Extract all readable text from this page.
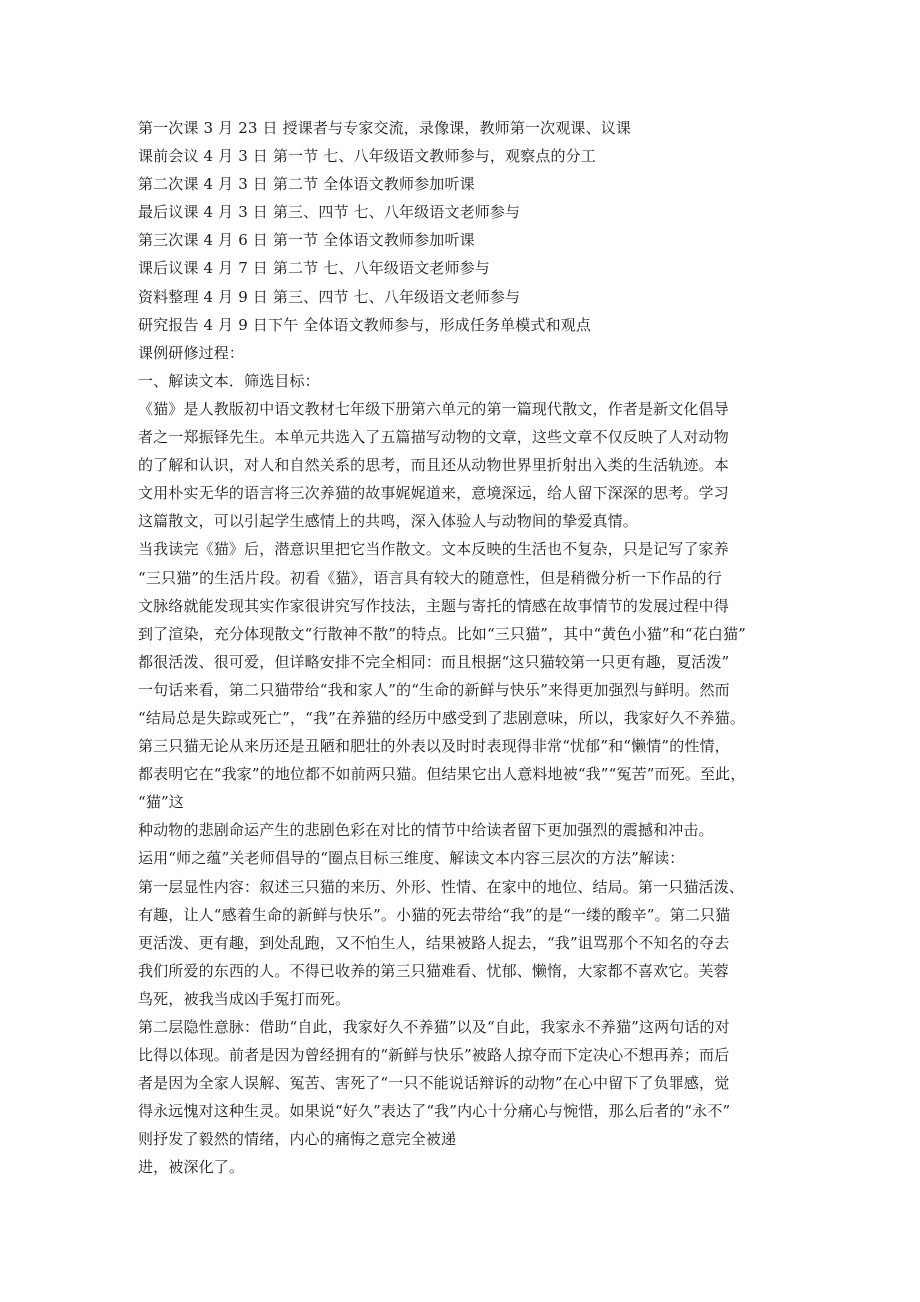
第一次课 3 月 23 日 授课者与专家交流，录像课，教师第一次观课、议课
课前会议 4 月 3 日 第一节 七、八年级语文教师参与，观察点的分工
第二次课 4 月 3 日 第二节 全体语文教师参加听课
最后议课 4 月 3 日 第三、四节 七、八年级语文老师参与
第三次课 4 月 6 日 第一节 全体语文教师参加听课
课后议课 4 月 7 日 第二节 七、八年级语文老师参与
资料整理 4 月 9 日 第三、四节 七、八年级语文老师参与
研究报告 4 月 9 日下午 全体语文教师参与，形成任务单模式和观点
课例研修过程：
一、解读文本．筛选目标：
《猫》是人教版初中语文教材七年级下册第六单元的第一篇现代散文，作者是新文化倡导
者之一郑振铎先生。本单元共选入了五篇描写动物的文章，这些文章不仅反映了人对动物
的了解和认识，对人和自然关系的思考，而且还从动物世界里折射出入类的生活轨迹。本
文用朴实无华的语言将三次养猫的故事娓娓道来，意境深远，给人留下深深的思考。学习
这篇散文，可以引起学生感情上的共鸣，深入体验人与动物间的挚爱真情。
当我读完《猫》后，潜意识里把它当作散文。文本反映的生活也不复杂，只是记写了家养
“三只猫”的生活片段。初看《猫》，语言具有较大的随意性，但是稍微分析一下作品的行
文脉络就能发现其实作家很讲究写作技法，主题与寄托的情感在故事情节的发展过程中得
到了渲染，充分体现散文“行散神不散”的特点。比如“三只猫”，其中“黄色小猫”和“花白猫”
都很活泼、很可爱，但详略安排不完全相同：而且根据“这只猫较第一只更有趣，夏活泼”
一句话来看，第二只猫带给“我和家人”的“生命的新鲜与快乐”来得更加强烈与鲜明。然而
“结局总是失踪或死亡”，“我”在养猫的经历中感受到了悲剧意味，所以，我家好久不养猫。
第三只猫无论从来历还是丑陋和肥壮的外表以及时时表现得非常“忧郁”和“懒情”的性情，
都表明它在“我家”的地位都不如前两只猫。但结果它出人意料地被“我”“冤苦”而死。至此，
“猫”这
种动物的悲剧命运产生的悲剧色彩在对比的情节中给读者留下更加强烈的震撼和冲击。
运用“师之蕴”关老师倡导的“圈点目标三维度、解读文本内容三层次的方法”解读：
第一层显性内容：叙述三只猫的来历、外形、性情、在家中的地位、结局。第一只猫活泼、
有趣，让人“感着生命的新鲜与快乐”。小猫的死去带给“我”的是“一缕的酸辛”。第二只猫
更活泼、更有趣，到处乱跑，又不怕生人，结果被路人捉去，“我”诅骂那个不知名的夺去
我们所爱的东西的人。不得已收养的第三只猫难看、忧郁、懒惰，大家都不喜欢它。芙蓉
鸟死，被我当成凶手冤打而死。
第二层隐性意脉：借助“自此，我家好久不养猫”以及“自此，我家永不养猫”这两句话的对
比得以体现。前者是因为曾经拥有的“新鲜与快乐”被路人掠夺而下定决心不想再养；而后
者是因为全家人误解、冤苦、害死了“一只不能说话辩诉的动物”在心中留下了负罪感，觉
得永远愧对这种生灵。如果说“好久”表达了“我”内心十分痛心与惋惜，那么后者的“永不”
则抒发了毅然的情绪，内心的痛悔之意完全被递
进，被深化了。
